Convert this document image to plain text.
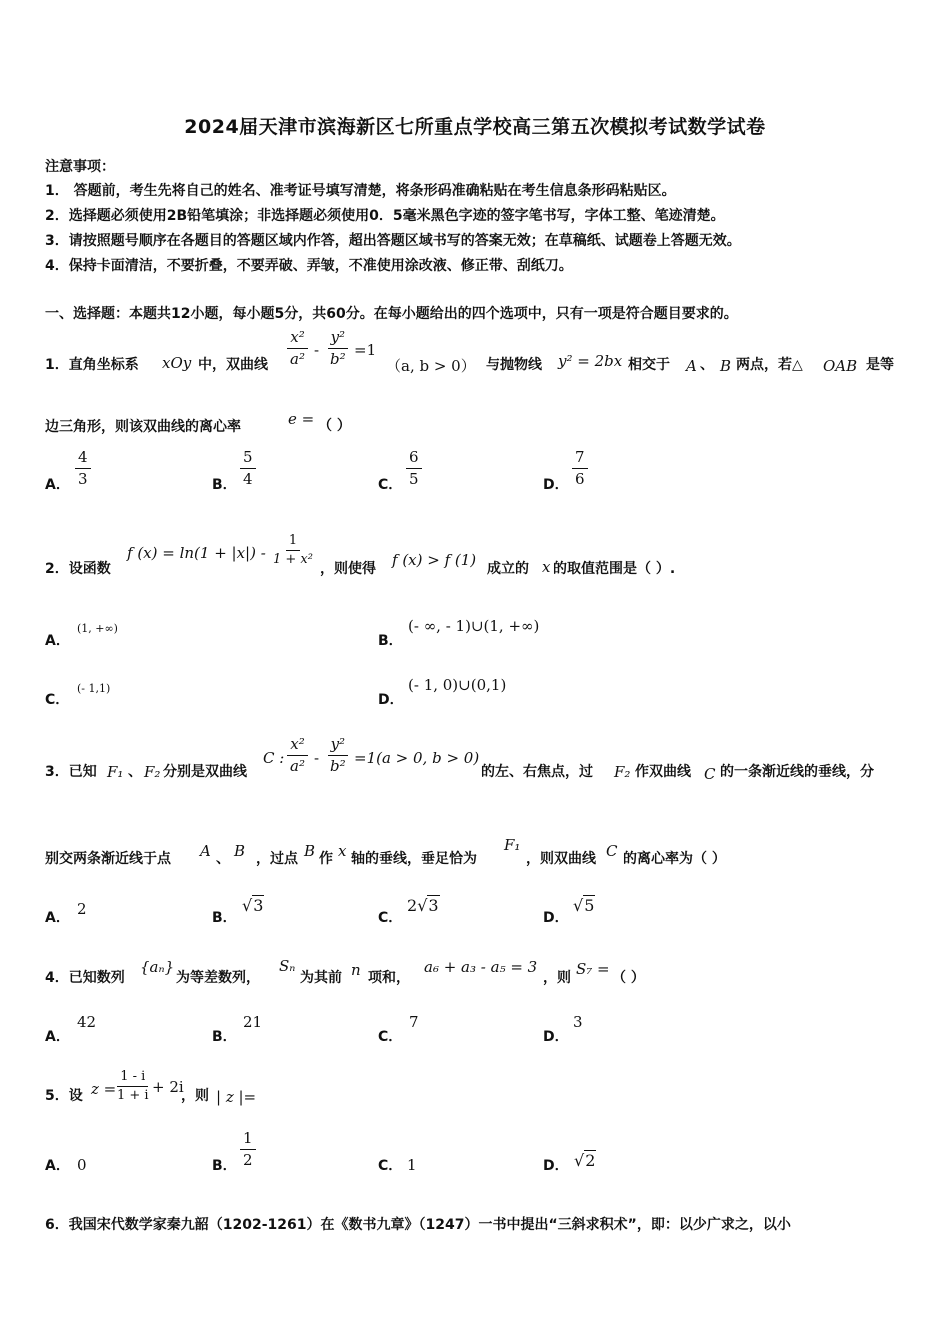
2024届天津市滨海新区七所重点学校高三第五次模拟考试数学试卷
注意事项：
1． 答题前，考生先将自己的姓名、准考证号填写清楚，将条形码准确粘贴在考生信息条形码粘贴区。
2．选择题必须使用2B铅笔填涂；非选择题必须使用0．5毫米黑色字迹的签字笔书写，字体工整、笔迹清楚。
3．请按照题号顺序在各题目的答题区域内作答，超出答题区域书写的答案无效；在草稿纸、试题卷上答题无效。
4．保持卡面清洁，不要折叠，不要弄破、弄皱，不准使用涂改液、修正带、刮纸刀。
一、选择题：本题共12小题，每小题5分，共60分。在每小题给出的四个选项中，只有一项是符合题目要求的。
1．直角坐标系 xOy 中，双曲线 $\frac{\text{x²}}{\text{a²}} - \frac{\text{y²}}{\text{b²}} =1$
（a, b > 0） 与抛物线 y² = 2bx 相交于 A 、 B 两点，若△ OAB 是等
边三角形，则该双曲线的离心率	e = （ ）
A． $\frac{4}{3}$	B． $\frac{5}{4}$	C． $\frac{6}{5}$	D． $\frac{7}{6}$
2．设函数
f $(x) = \ln(1 + |x|) - \frac{1}{\text{1 + x²}}$
，则使得 f (x) > f (1) 成立的 x 的取值范围是（ ）.
A．
(1, +∞)
B．
(- ∞, - 1)∪(1, +∞)
C．
(- 1,1)
D．
(- 1, 0)∪(0,1)
3．已知 F₁ 、 F₂ 分别是双曲线
C : $\frac{\text{x²}}{\text{a²}} - \frac{\text{y²}}{\text{b²}} =1(a > 0$, b > 0)
的左、右焦点，过 F₂ 作双曲线 C 的一条渐近线的垂线，分
别交两条渐近线于点 A 、 B ，过点 B 作 x 轴的垂线，垂足恰为
F₁
，则双曲线 C 的离心率为（ ）
A． 2	B．
√3
C．
2√3
D．
√5
4．已知数列
{aₙ}
为等差数列，
Sₙ
为其前 n 项和，
a₆ + a₃ - a₅ = 3
，则 S₇ = （ ）
A．
42
B．
21
C．
7
D．
3
5．设 z =
$\frac{1 - i}{1 + i} + 2i$
，则 | z |=
A． 0	B． $\frac{1}{2}$	C． 1	D． √2
6．我国宋代数学家秦九韶（1202-1261）在《数书九章》（1247）一书中提出“三斜求积术”，即：以少广求之，以小
